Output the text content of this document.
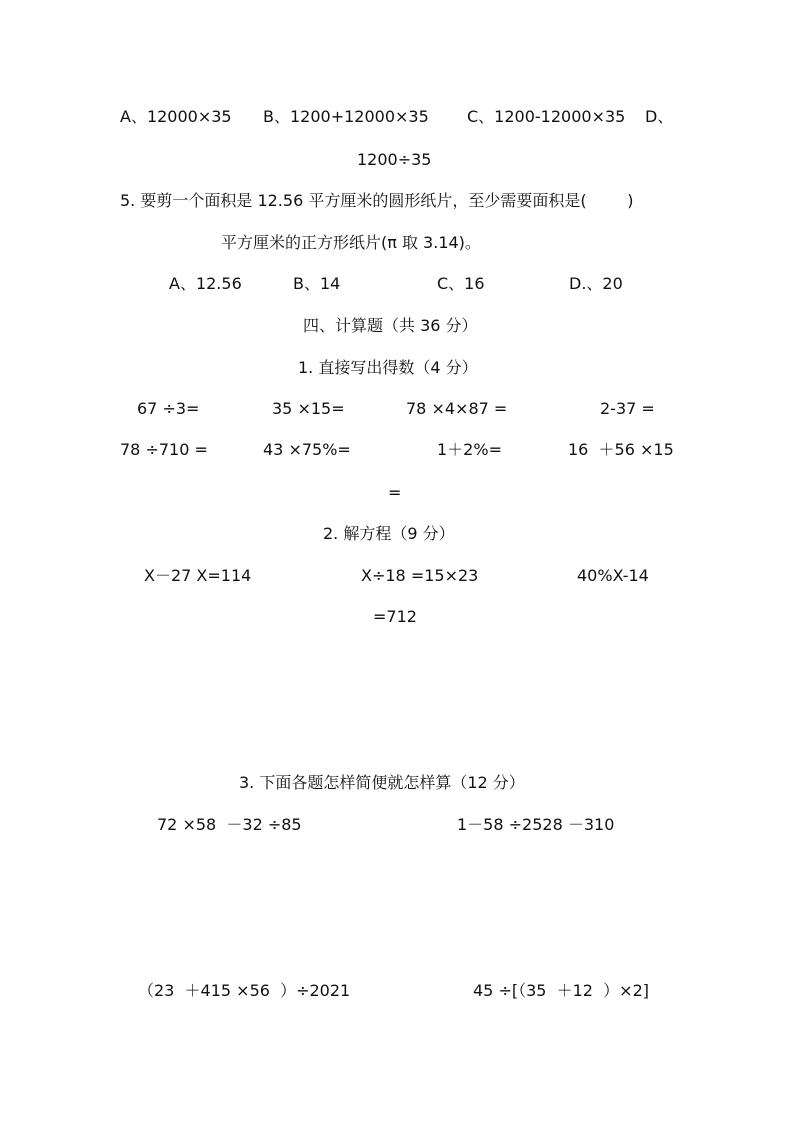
A、12000×35 B、1200+12000×35 C、1200-12000×35 D、
1200÷35
5. 要剪一个面积是 12.56 平方厘米的圆形纸片，至少需要面积是(        )
平方厘米的正方形纸片(π 取 3.14)。
A、12.56	B、14	C、16	D.、20
四、计算题（共 36 分）
1. 直接写出得数（4 分）
67 ÷3=	35 ×15=	78 ×4×87 =	2-37 =
78 ÷710 =	43 ×75%=	1＋2%=	16  ＋56 ×15
=
2. 解方程（9 分）
X－27 X=114	X÷18 =15×23	40%X-14
=712
3. 下面各题怎样简便就怎样算（12 分）
72 ×58  －32 ÷85	1－58 ÷2528 －310
（23  ＋415 ×56  ）÷2021	45 ÷[（35  ＋12  ）×2]
